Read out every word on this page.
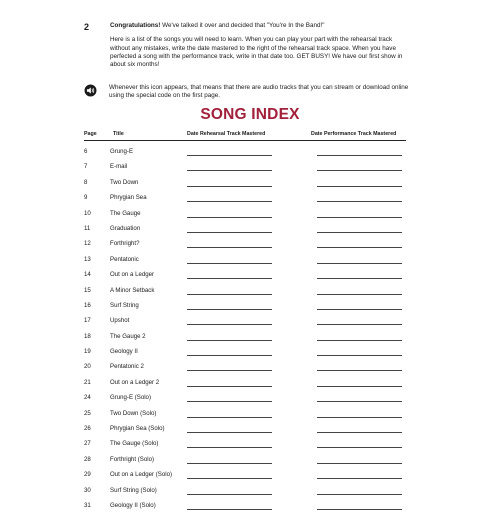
2	Congratulations! We've talked it over and decided that "You're In the Band!"

Here is a list of the songs you will need to learn. When you can play your part with the rehearsal track without any mistakes, write the date mastered to the right of the rehearsal track space. When you have perfected a song with the performance track, write in that date too. GET BUSY! We have our first show in about six months!

Whenever this icon appears, that means that there are audio tracks that you can stream or download online using the special code on the first page.
SONG INDEX
Page	Title	Date Rehearsal Track Mastered	Date Performance Track Mastered
6	Grung-E
7	E-mail
8	Two Down
9	Phrygian Sea
10	The Gauge
11	Graduation
12	Forthright?
13	Pentatonic
14	Out on a Ledger
15	A Minor Setback
16	Surf String
17	Upshot
18	The Gauge 2
19	Geology II
20	Pentatonic 2
21	Out on a Ledger 2
24	Grung-E (Solo)
25	Two Down (Solo)
26	Phrygian Sea (Solo)
27	The Gauge (Solo)
28	Forthright (Solo)
29	Out on a Ledger (Solo)
30	Surf String (Solo)
31	Geology II (Solo)
